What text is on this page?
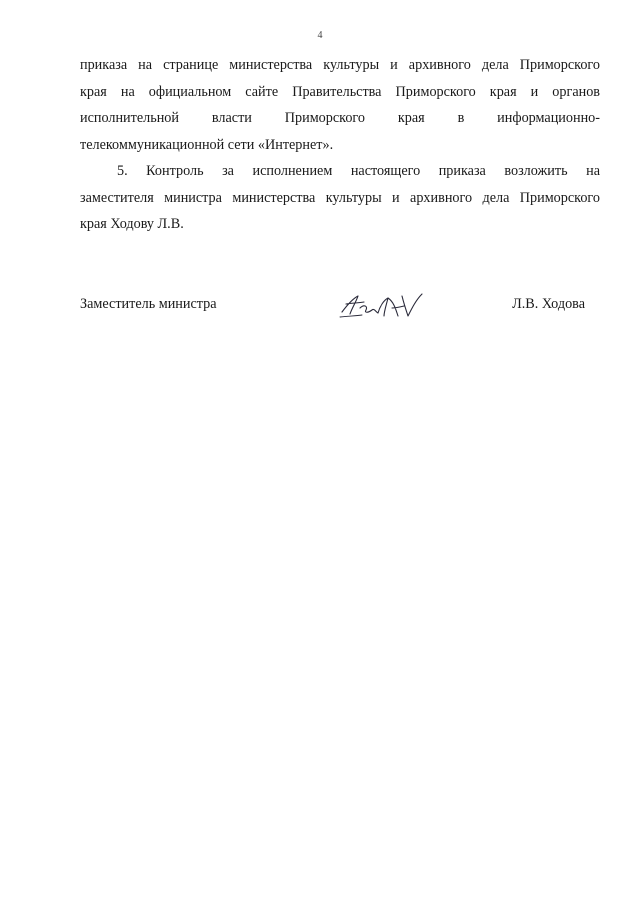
4
приказа на странице министерства культуры и архивного дела Приморского
края на официальном сайте Правительства Приморского края и органов
исполнительной власти Приморского края в информационно-
телекоммуникационной сети «Интернет».
5. Контроль за исполнением настоящего приказа возложить на
заместителя министра министерства культуры и архивного дела Приморского
края Ходову Л.В.
Заместитель министра	Л.В. Ходова
